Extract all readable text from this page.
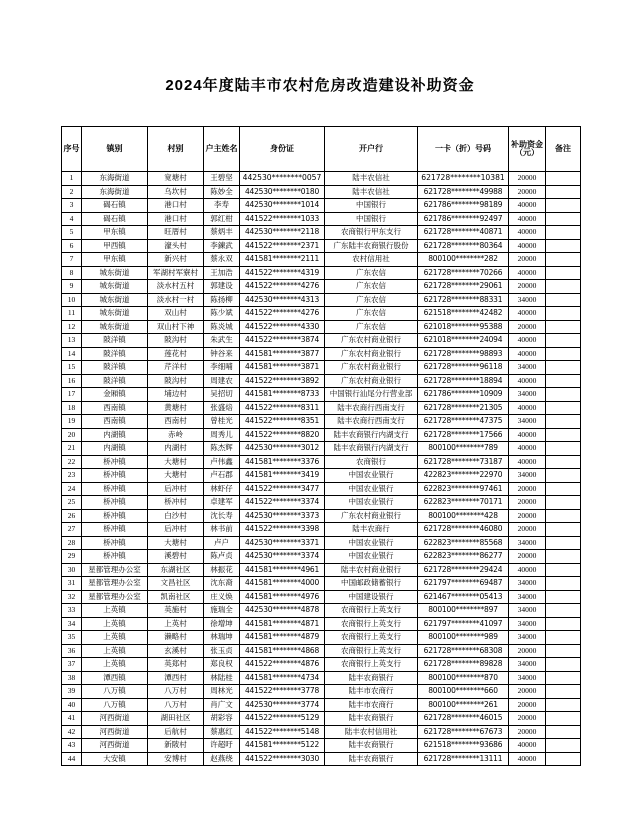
2024年度陆丰市农村危房改造建设补助资金
序号	镇别	村别	户主姓名	身份证	开户行	一卡（折）号码	补助资金（元）	备注
1	东海街道	宽塘村	王碧坚	442530********0057	陆丰农信社	621728********10381	20000	
2	东海街道	乌坎村	陈妙全	442530********0180	陆丰农信社	621728********49988	20000	
3	碣石镇	港口村	李寿	442530********1014	中国银行	621786********98189	40000	
4	碣石镇	港口村	郭红柑	441522********1033	中国银行	621786********92497	40000	
5	甲东镇	旺厝村	蔡炳丰	442530********2118	农商银行甲东支行	621728********40871	40000	
6	甲西镇	濠头村	李鍊武	441522********2371	广东陆丰农商银行股份	621728********80364	40000	
7	甲东镇	新兴村	蔡永双	441581********2111	农村信用社	800100********282	20000	
8	城东街道	军湖村军寮村	王加浩	441522********4319	广东农信	621728********70266	40000	
9	城东街道	淡水村五村	郭建设	441522********4276	广东农信	621728********29061	20000	
10	城东街道	淡水村一村	陈扬柳	442530********4313	广东农信	621728********88331	34000	
11	城东街道	双山村	陈少斌	441522********4276	广东农信	621518********42482	40000	
12	城东街道	双山村下神	陈炎城	441522********4330	广东农信	621018********95388	20000	
13	陂洋镇	陂沟村	朱武生	441522********3874	广东农村商业银行	621018********24094	40000	
14	陂洋镇	莲花村	钟谷来	441581********3877	广东农村商业银行	621728********98893	40000	
15	陂洋镇	芹洋村	李细哺	441581********3871	广东农村商业银行	621728********96118	34000	
16	陂洋镇	陂沟村	周建农	441522********3892	广东农村商业银行	621728********18894	40000	
17	金厢镇	埔边村	吴招切	441581********8733	中国银行汕尾分行营业部	621786********10909	34000	
18	西南镇	黄塘村	张盛焙	441522********8311	陆丰农商行西南支行	621728********21305	40000	
19	西南镇	西南村	曾桂光	441522********8351	陆丰农商行西南支行	621728********47375	34000	
20	内湖镇	赤岭	周秀儿	441522********8820	陆丰农商银行内湖支行	621728********17566	40000	
21	内湖镇	内湖村	陈杰辉	442530********3012	陆丰农商银行内湖支行	800100********789	40000	
22	桥冲镇	大塘村	卢伟鑫	441581********3376	农商银行	621728********73187	40000	
23	桥冲镇	大塘村	卢石郡	441581********3419	中国农业银行	422823********22970	34000	
24	桥冲镇	后冲村	林虾仔	441522********3477	中国农业银行	622823********97461	20000	
25	桥冲镇	桥冲村	卓建军	441522********3374	中国农业银行	622823********70171	20000	
26	桥冲镇	白沙村	沈长寿	442530********3373	广东农村商业银行	800100********428	20000	
27	桥冲镇	后冲村	林书前	441522********3398	陆丰农商行	621728********46080	20000	
28	桥冲镇	大塘村	卢户	442530********3371	中国农业银行	622823********85568	34000	
29	桥冲镇	溪碧村	陈卢贞	442530********3374	中国农业银行	622823********86277	20000	
30	星都管理办公室	东湖社区	林振花	441581********4961	陆丰农村商业银行	621728********29424	40000	
31	星都管理办公室	文昌社区	沈东裔	441581********4000	中国邮政储蓄银行	621797********69487	34000	
32	星都管理办公室	凯南社区	庄义焕	441581********4976	中国建设银行	621467********05413	34000	
33	上英镇	英施村	施瑞全	442530********4878	农商银行上英支行	800100********897	34000	
34	上英镇	上英村	徐增坤	441581********4871	农商银行上英支行	621797********41097	34000	
35	上英镇	濑略村	林瑞坤	441581********4879	农商银行上英支行	800100********989	34000	
36	上英镇	玄溪村	张玉贞	441581********4868	农商银行上英支行	621728********68308	20000	
37	上英镇	英郑村	郑良权	441522********4876	农商银行上英支行	621728********89828	34000	
38	潭西镇	潭西村	林陆桂	441581********4734	陆丰农商银行	800100********870	34000	
39	八万镇	八万村	周林光	441522********3778	陆丰市农商行	800100********660	20000	
40	八万镇	八万村	肖广文	442530********3774	陆丰市农商行	800100********261	20000	
41	河西街道	湖田社区	胡彩容	441522********5129	陆丰农商银行	621728********46015	20000	
42	河西街道	后航村	蔡惠红	441522********5148	陆丰农村信用社	621728********67673	20000	
43	河西街道	新陂村	许超吁	441581********5122	陆丰农商银行	621518********93686	40000	
44	大安镇	安博村	赵燕绕	441522********3030	陆丰农商银行	621728********13111	40000	
